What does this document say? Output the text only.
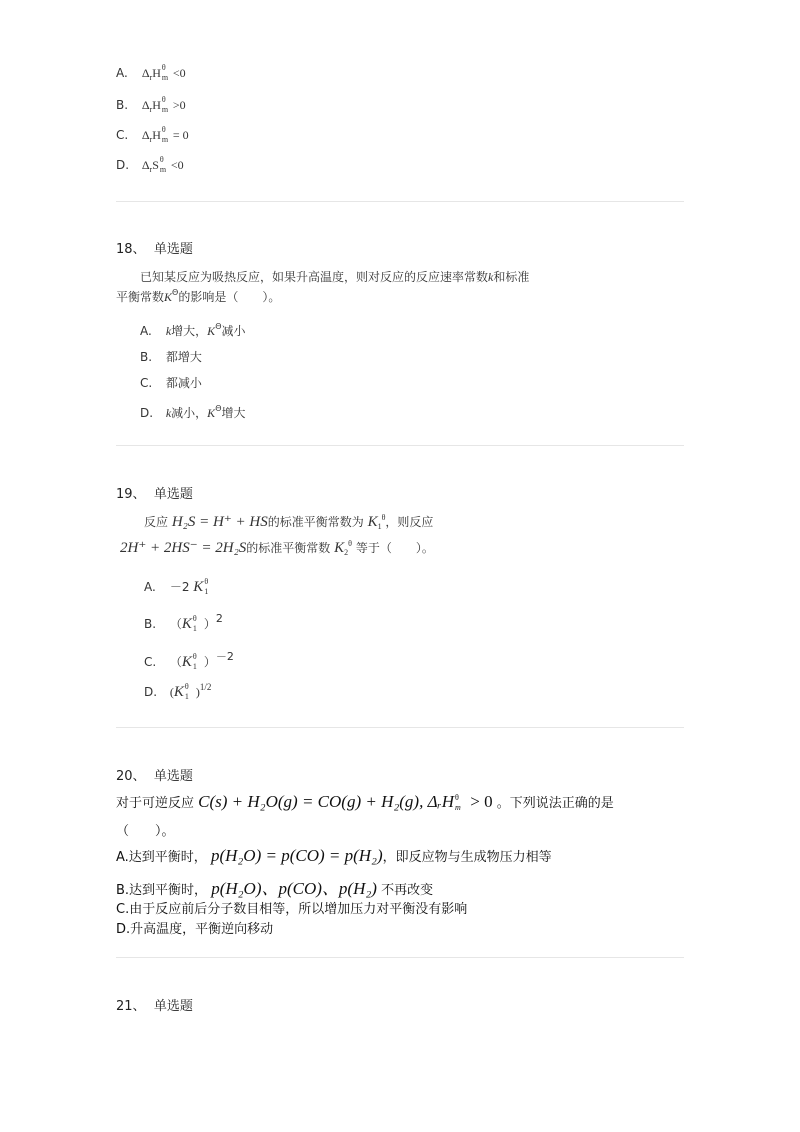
A. $\Delta_rH$ θ
m <0
B. $\Delta_rH$ θ
m >0
C. $\Delta_rH$ θ
m = 0
D. $\Delta_rS$ θ
m <0
18、 单选题
已知某反应为吸热反应，如果升高温度，则对反应的反应速率常数k和标准
平衡常数$K^\Theta$的影响是（　　）。
A. k增大，$K^\Theta$减小
B. 都增大
C. 都减小
D. k减小，$K^\Theta$增大
19、 单选题
反应 H₂S = H⁺ + HS的标准平衡常数为 $K_1^\theta$，则反应
2H⁺ + 2HS⁻ = 2H₂S的标准平衡常数 $K_2^\theta$ 等于（　　）。
A. －2 K θ
1
B. （K θ
1 ）2
C. （K θ
1 ）－2
D. (K θ
1 )$^{1/2}$
20、 单选题
对于可逆反应 C(s) + H₂O(g) = CO(g) + H₂(g), ΔᵣH θ
m > 0 。下列说法正确的是
（　　）。
A.达到平衡时， p(H₂O) = p(CO) = p(H₂)，即反应物与生成物压力相等
B.达到平衡时， p(H₂O)、p(CO)、p(H₂) 不再改变
C.由于反应前后分子数目相等，所以增加压力对平衡没有影响
D.升高温度，平衡逆向移动
21、 单选题
